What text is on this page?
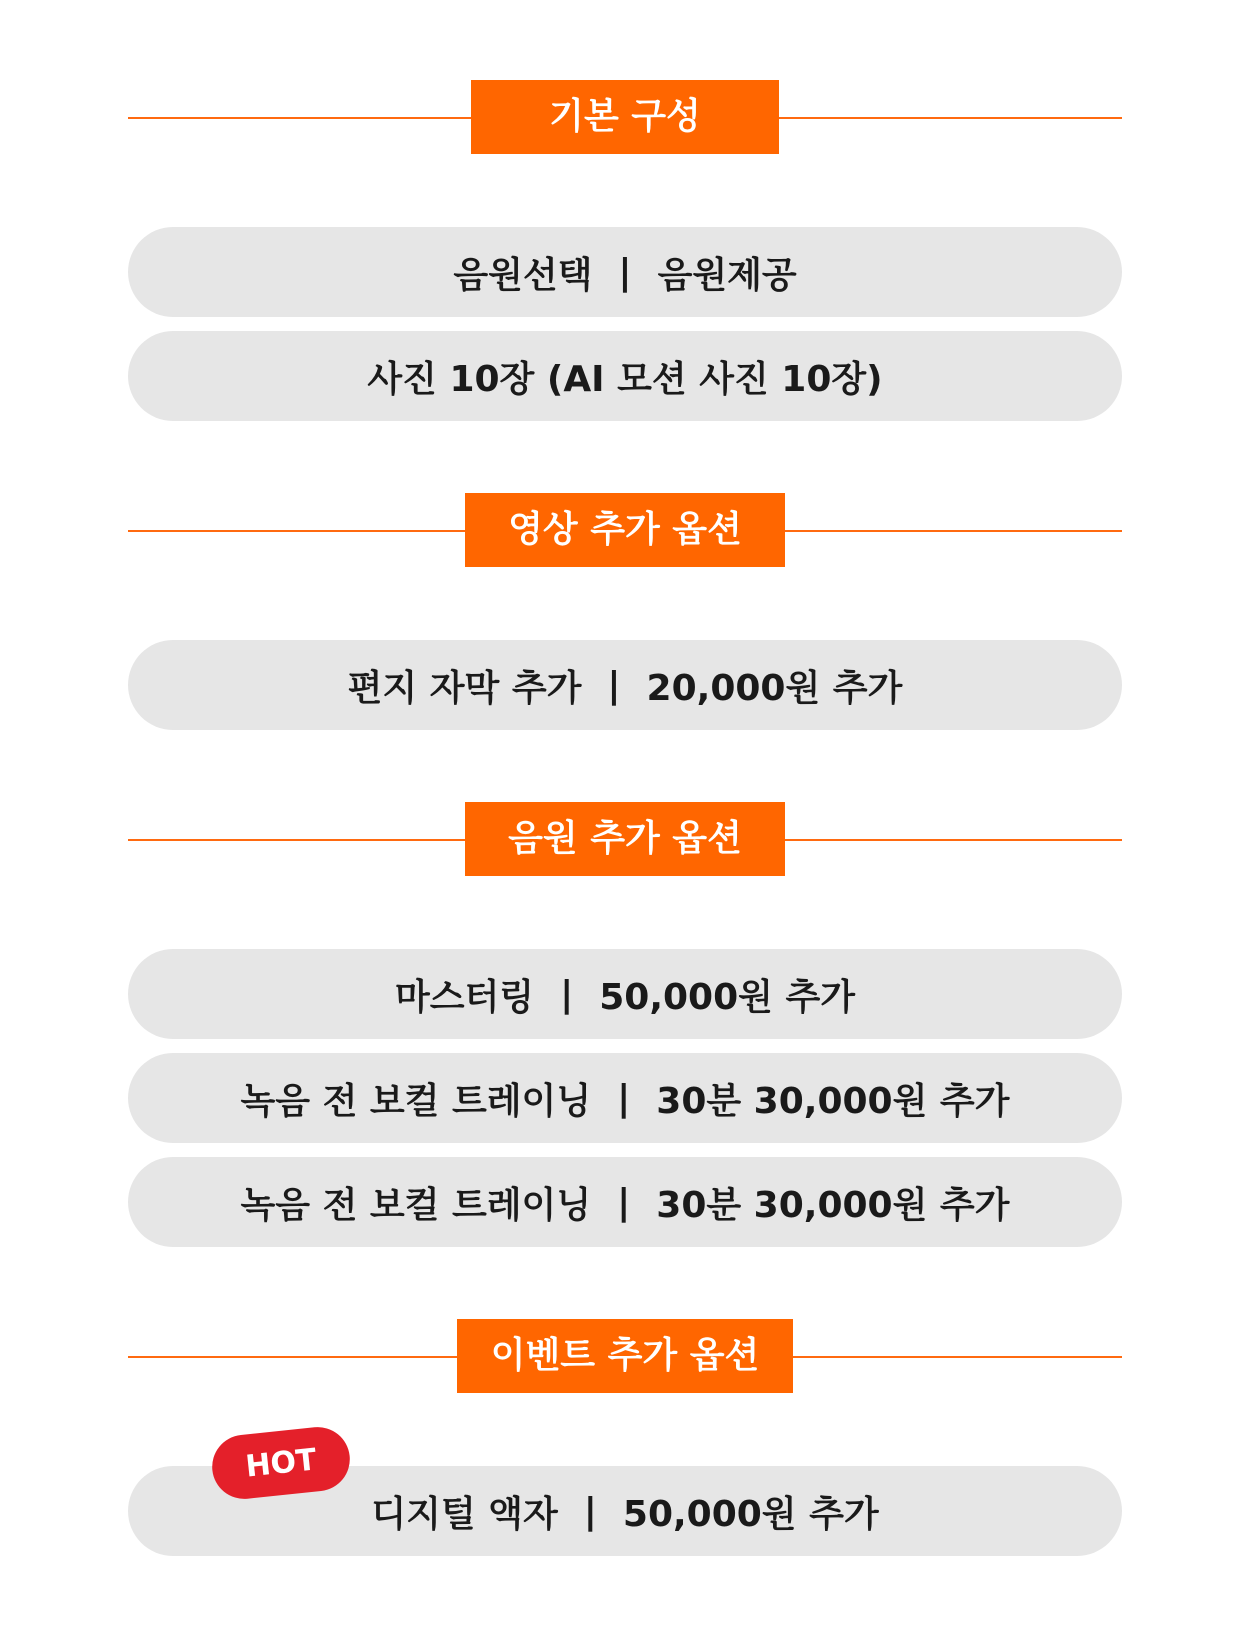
기본 구성
음원선택 | 음원제공
사진 10장 (AI 모션 사진 10장)
영상 추가 옵션
편지 자막 추가 | 20,000원 추가
음원 추가 옵션
마스터링 | 50,000원 추가
녹음 전 보컬 트레이닝 | 30분 30,000원 추가
녹음 전 보컬 트레이닝 | 30분 30,000원 추가
이벤트 추가 옵션
디지털 액자 | 50,000원 추가
HOT
